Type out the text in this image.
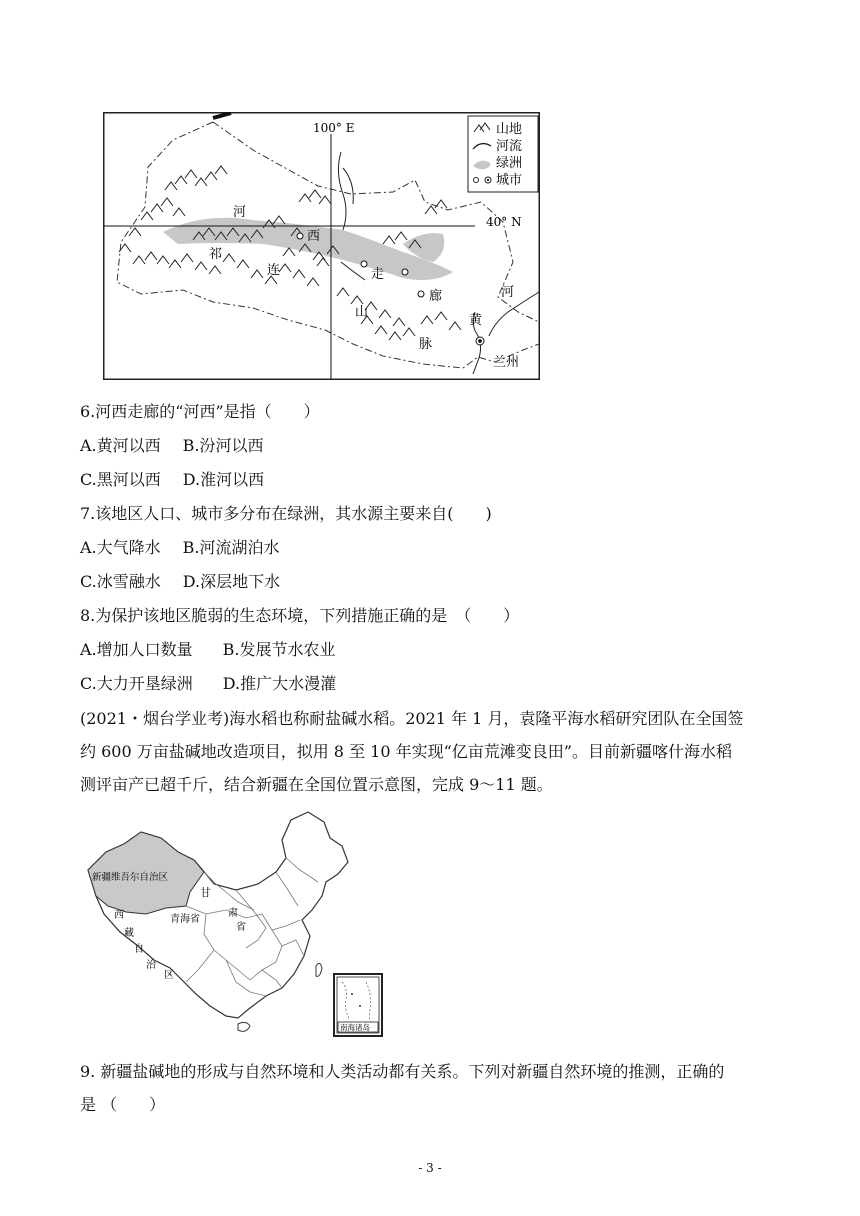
100° E
40° N
河
西
走
廊
祁
连
山
脉
河
黄
兰州
山地
河流
绿洲
城市
6.河西走廊的“河西”是指（　　）
A.黄河以西 B.汾河以西
C.黑河以西 D.淮河以西
7.该地区人口、城市多分布在绿洲，其水源主要来自(　　)
A.大气降水 B.河流湖泊水
C.冰雪融水 D.深层地下水
8.为保护该地区脆弱的生态环境，下列措施正确的是　（　　）
A.增加人口数量 B.发展节水农业
C.大力开垦绿洲 D.推广大水漫灌
(2021・烟台学业考)海水稻也称耐盐碱水稻。2021 年 1 月，袁隆平海水稻研究团队在全国签
约 600 万亩盐碱地改造项目，拟用 8 至 10 年实现“亿亩荒滩变良田”。目前新疆喀什海水稻
测评亩产已超千斤，结合新疆在全国位置示意图，完成 9～11 题。
南海诸岛
新疆维吾尔自治区
甘
西
藏
自
治
区
青海省
肃
省
9. 新疆盐碱地的形成与自然环境和人类活动都有关系。下列对新疆自然环境的推测，正确的
是 （　　）
- 3 -
